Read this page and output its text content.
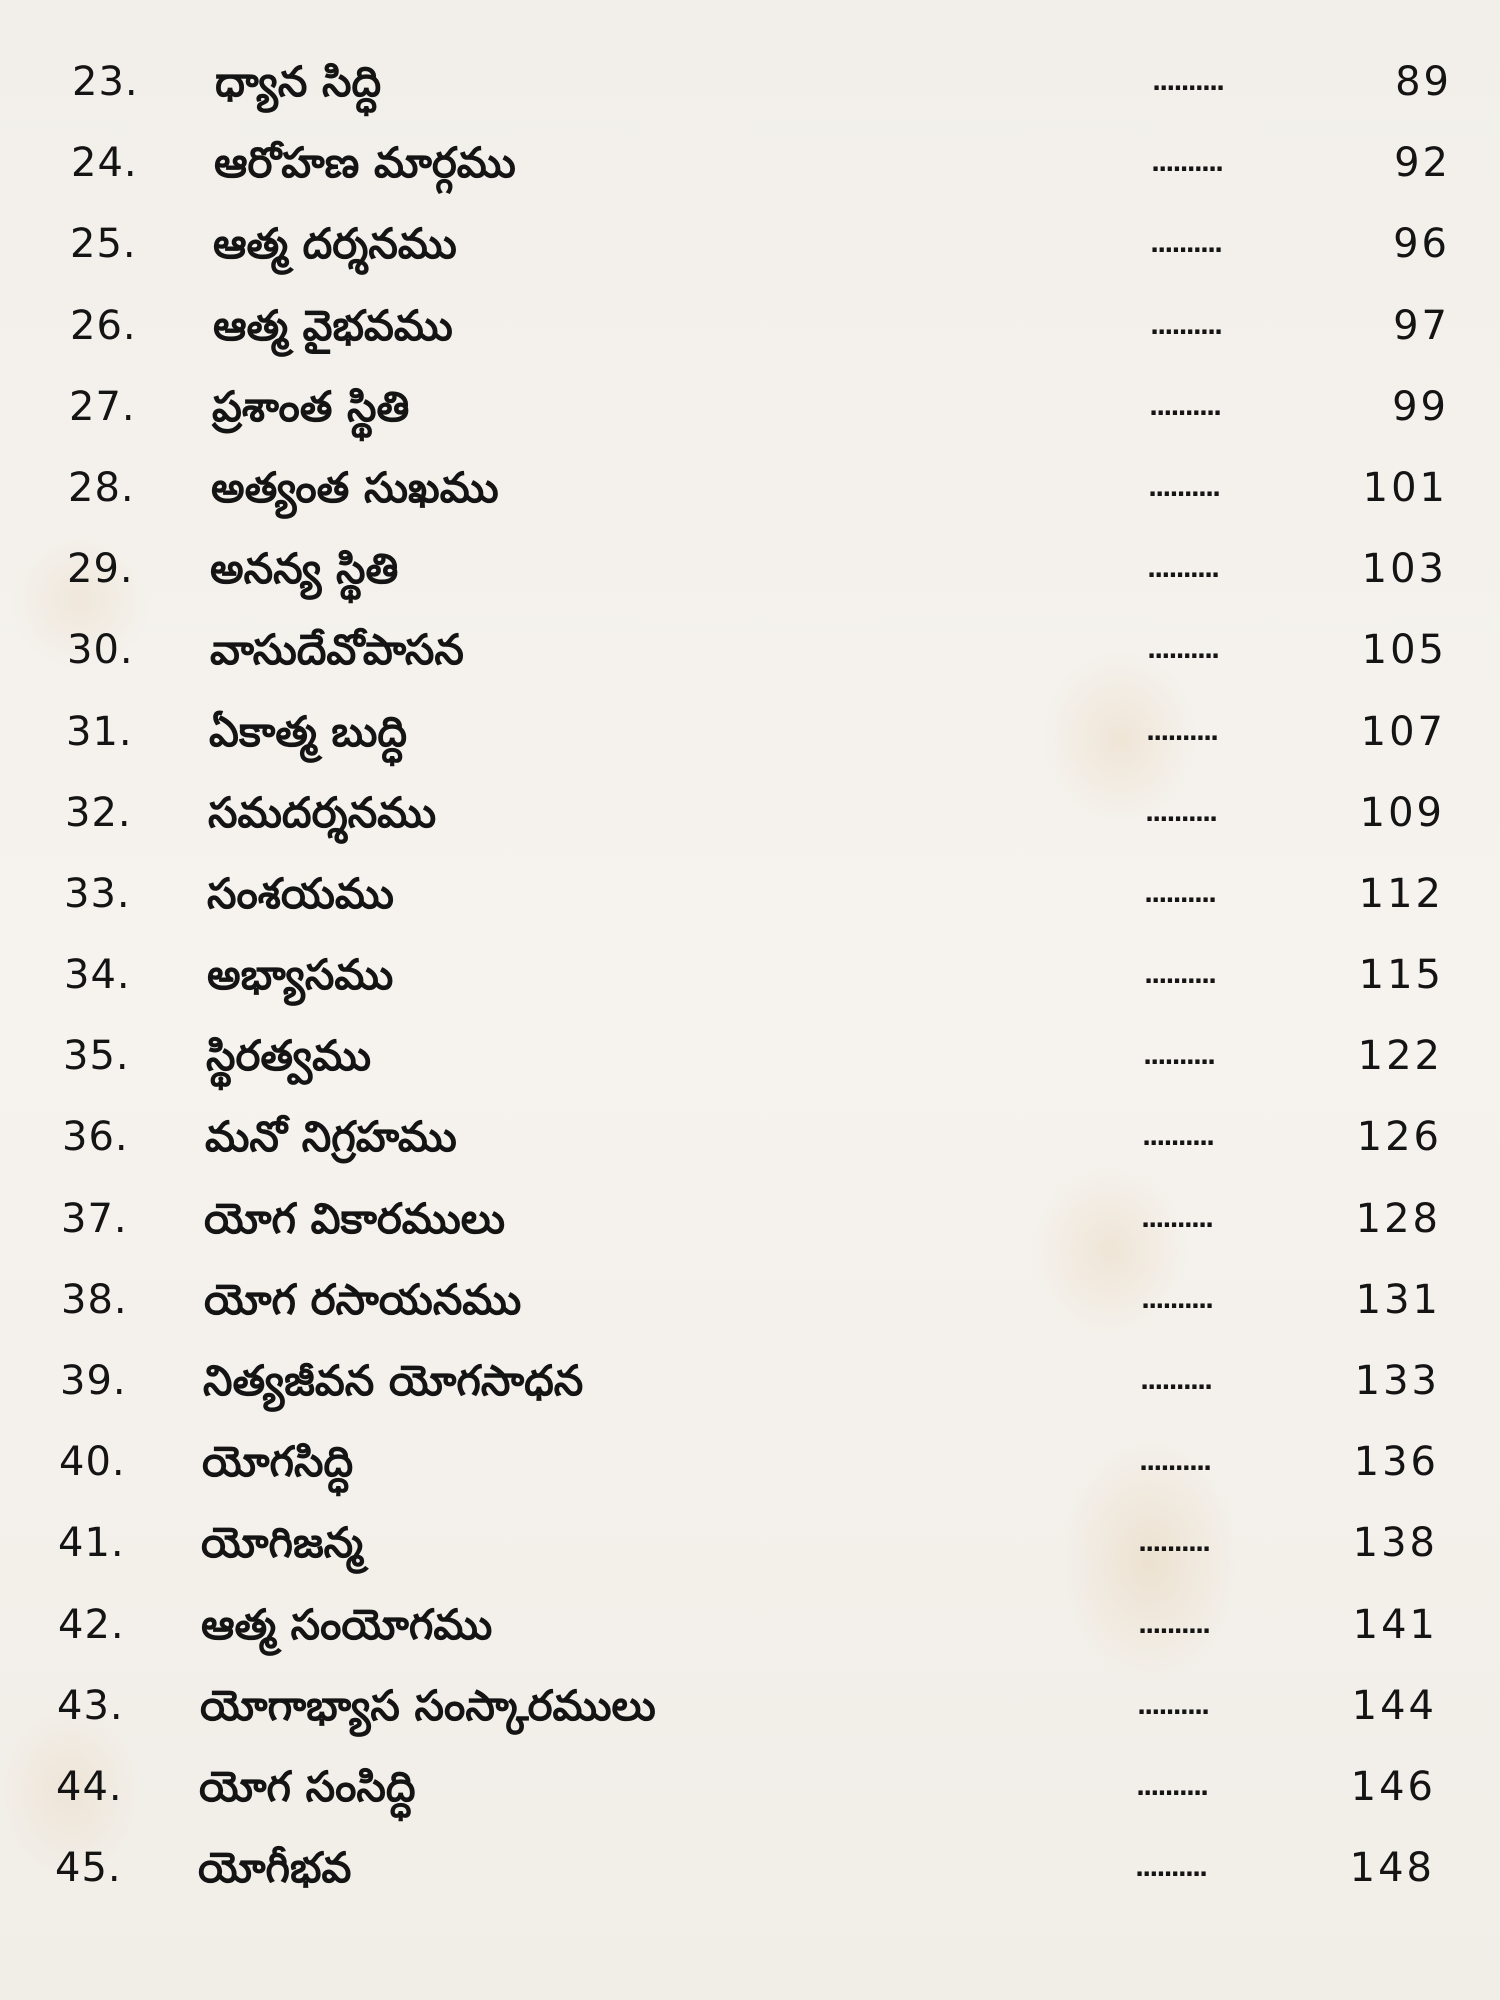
23. ధ్యాన సిద్ధి	..........	89
24. ఆరోహణ మార్గము	..........	92
25. ఆత్మ దర్శనము	..........	96
26. ఆత్మ వైభవము	..........	97
27. ప్రశాంత స్థితి	..........	99
28. అత్యంత సుఖము	..........	101
29. అనన్య స్థితి	..........	103
30. వాసుదేవోపాసన	..........	105
31. ఏకాత్మ బుద్ధి	..........	107
32. సమదర్శనము	..........	109
33. సంశయము	..........	112
34. అభ్యాసము	..........	115
35. స్థిరత్వము	..........	122
36. మనో నిగ్రహము	..........	126
37. యోగ వికారములు	..........	128
38. యోగ రసాయనము	..........	131
39. నిత్యజీవన యోగసాధన	..........	133
40. యోగసిద్ధి	..........	136
41. యోగిజన్మ	..........	138
42. ఆత్మ సంయోగము	..........	141
43. యోగాభ్యాస సంస్కారములు	..........	144
44. యోగ సంసిద్ధి	..........	146
45. యోగీభవ	..........	148
